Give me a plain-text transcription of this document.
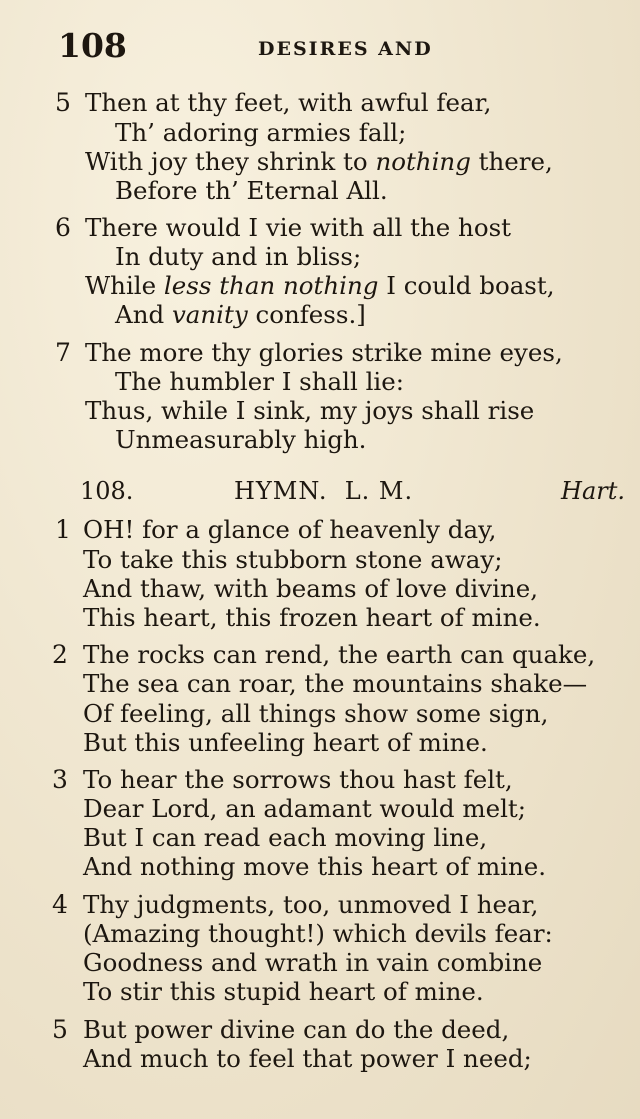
108	DESIRES AND
5 Then at thy feet, with awful fear,
Th’ adoring armies fall;
With joy they shrink to nothing there,
Before th’ Eternal All.
6 There would I vie with all the host
In duty and in bliss;
While less than nothing I could boast,
And vanity confess.]
7 The more thy glories strike mine eyes,
The humbler I shall lie:
Thus, while I sink, my joys shall rise
Unmeasurably high.
108.	HYMN.  L. M.	Hart.
1 OH! for a glance of heavenly day,
To take this stubborn stone away;
And thaw, with beams of love divine,
This heart, this frozen heart of mine.
2 The rocks can rend, the earth can quake,
The sea can roar, the mountains shake—
Of feeling, all things show some sign,
But this unfeeling heart of mine.
3 To hear the sorrows thou hast felt,
Dear Lord, an adamant would melt;
But I can read each moving line,
And nothing move this heart of mine.
4 Thy judgments, too, unmoved I hear,
(Amazing thought!) which devils fear:
Goodness and wrath in vain combine
To stir this stupid heart of mine.
5 But power divine can do the deed,
And much to feel that power I need;
